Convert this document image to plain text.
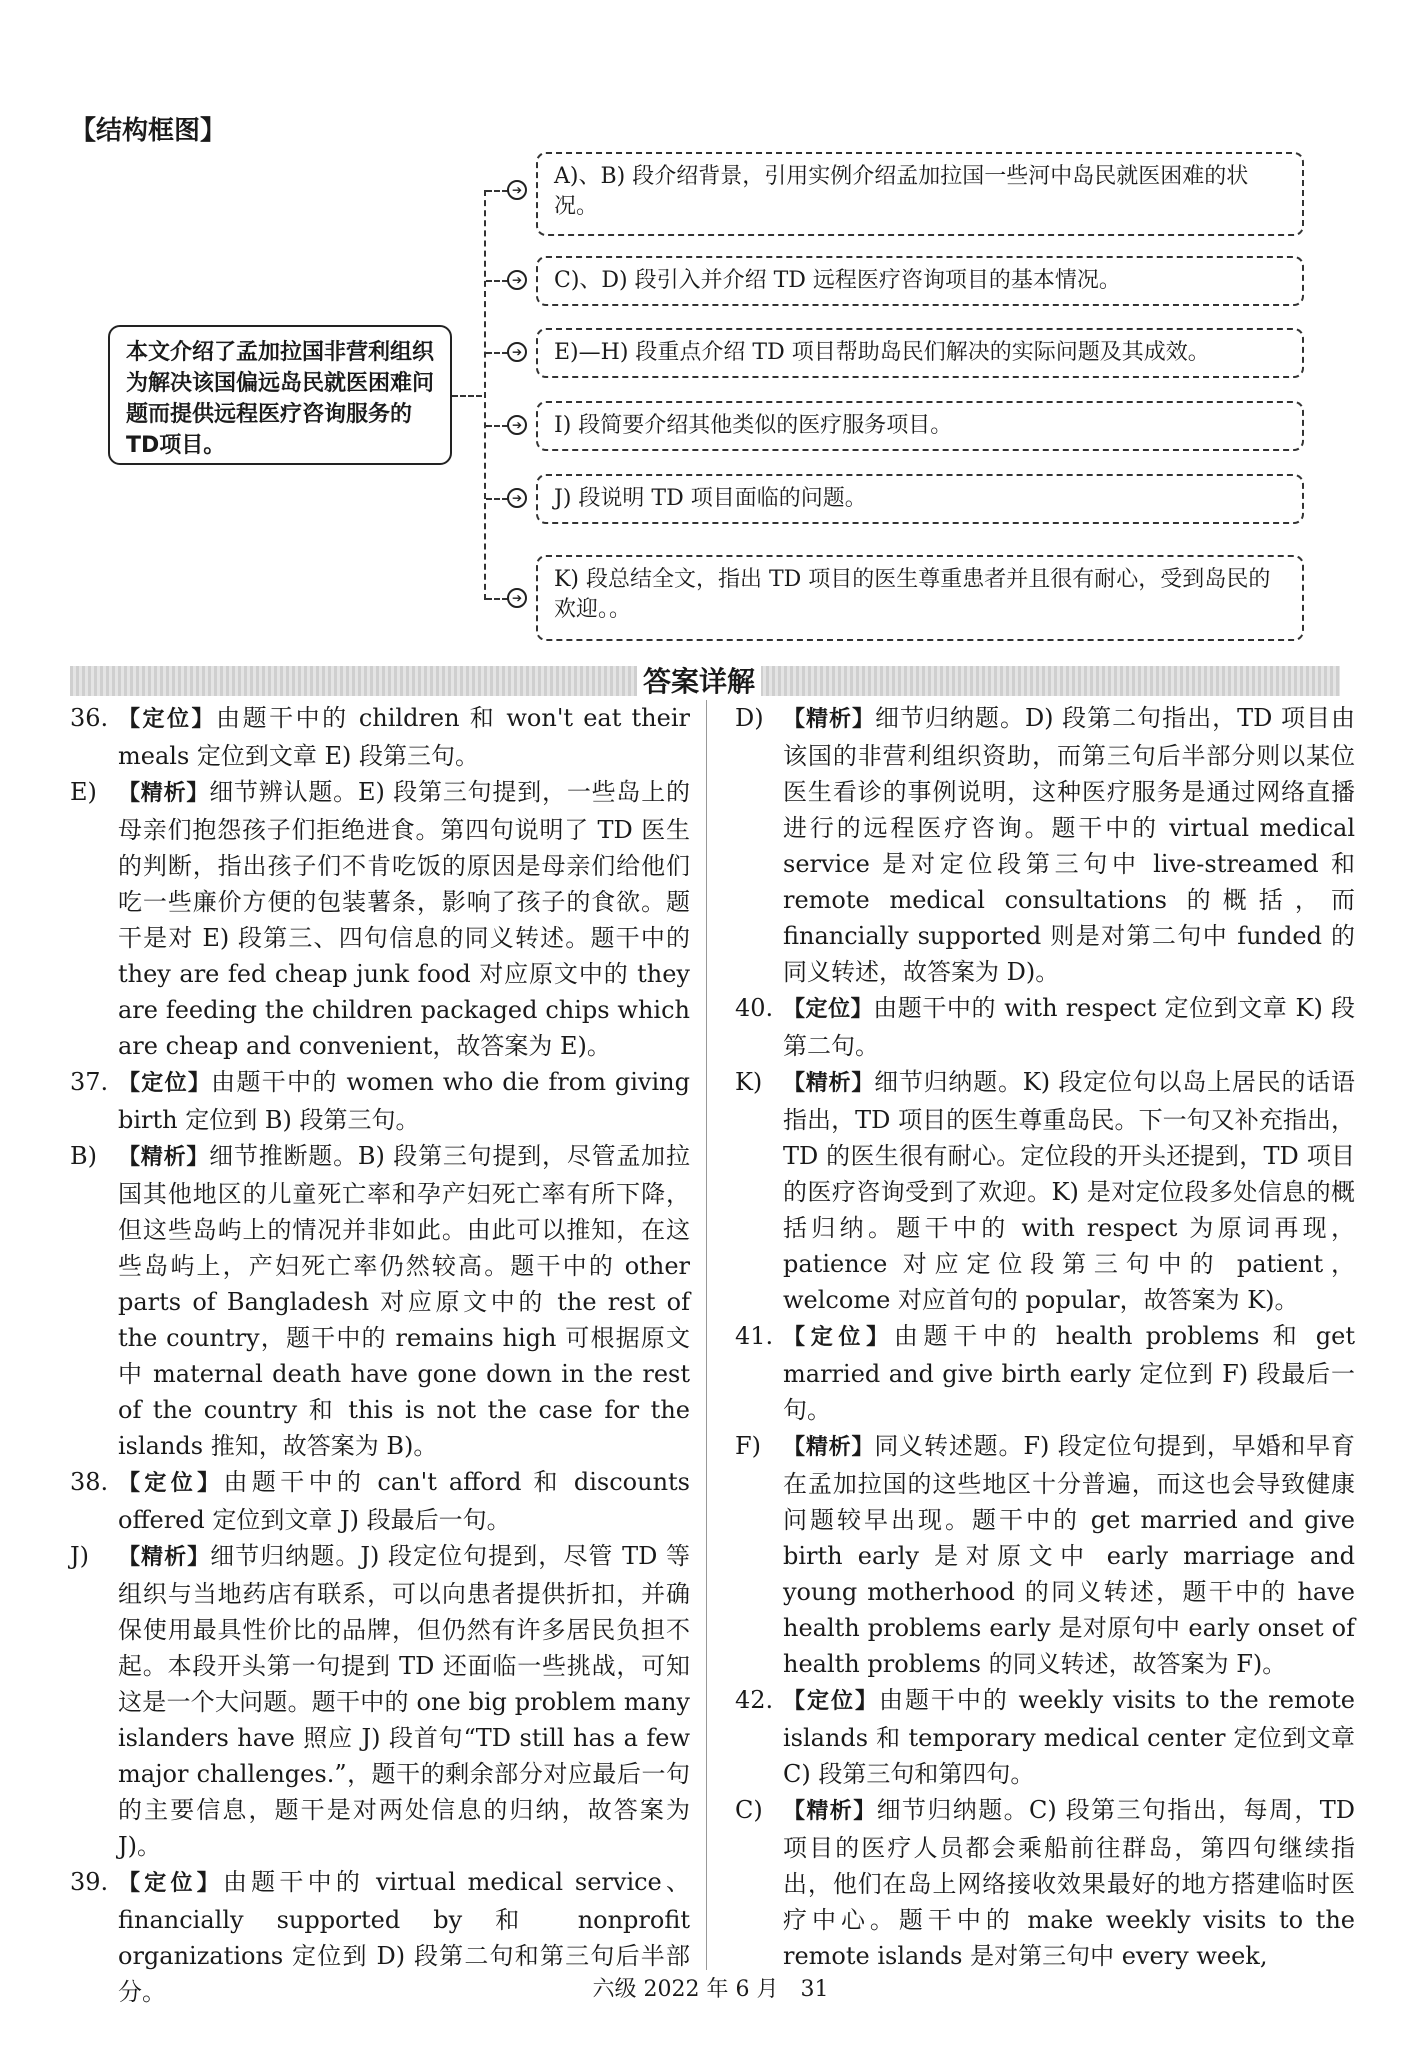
【结构框图】
本文介绍了孟加拉国非营利组织为解决该国偏远岛民就医困难问题而提供远程医疗咨询服务的TD项目。
➔
➔
➔
➔
➔
➔
A)、B) 段介绍背景，引用实例介绍孟加拉国一些河中岛民就医困难的状况。
C)、D) 段引入并介绍 TD 远程医疗咨询项目的基本情况。
E)—H) 段重点介绍 TD 项目帮助岛民们解决的实际问题及其成效。
I) 段简要介绍其他类似的医疗服务项目。
J) 段说明 TD 项目面临的问题。
K) 段总结全文，指出 TD 项目的医生尊重患者并且很有耐心，受到岛民的欢迎。。
答案详解
36. 【定位】由题干中的 children 和 won't eat their meals 定位到文章 E) 段第三句。
E) 【精析】细节辨认题。E) 段第三句提到，一些岛上的母亲们抱怨孩子们拒绝进食。第四句说明了 TD 医生的判断，指出孩子们不肯吃饭的原因是母亲们给他们吃一些廉价方便的包装薯条，影响了孩子的食欲。题干是对 E) 段第三、四句信息的同义转述。题干中的 they are fed cheap junk food 对应原文中的 they are feeding the children packaged chips which are cheap and convenient，故答案为 E)。
37. 【定位】由题干中的 women who die from giving birth 定位到 B) 段第三句。
B) 【精析】细节推断题。B) 段第三句提到，尽管孟加拉国其他地区的儿童死亡率和孕产妇死亡率有所下降，但这些岛屿上的情况并非如此。由此可以推知，在这些岛屿上，产妇死亡率仍然较高。题干中的 other parts of Bangladesh 对应原文中的 the rest of the country，题干中的 remains high 可根据原文中 maternal death have gone down in the rest of the country 和 this is not the case for the islands 推知，故答案为 B)。
38. 【定位】由题干中的 can't afford 和 discounts offered 定位到文章 J) 段最后一句。
J)	【精析】细节归纳题。J) 段定位句提到，尽管 TD 等组织与当地药店有联系，可以向患者提供折扣，并确保使用最具性价比的品牌，但仍然有许多居民负担不起。本段开头第一句提到 TD 还面临一些挑战，可知这是一个大问题。题干中的 one big problem many islanders have 照应 J) 段首句“TD still has a few major challenges.”，题干的剩余部分对应最后一句的主要信息，题干是对两处信息的归纳，故答案为 J)。
39. 【定位】由题干中的 virtual medical service、financially supported by 和 nonprofit organizations 定位到 D) 段第二句和第三句后半部分。
D) 【精析】细节归纳题。D) 段第二句指出，TD 项目由该国的非营利组织资助，而第三句后半部分则以某位医生看诊的事例说明，这种医疗服务是通过网络直播进行的远程医疗咨询。题干中的 virtual medical service 是对定位段第三句中 live-streamed 和 remote medical consultations 的概括，而 financially supported 则是对第二句中 funded 的同义转述，故答案为 D)。
40. 【定位】由题干中的 with respect 定位到文章 K) 段第二句。
K) 【精析】细节归纳题。K) 段定位句以岛上居民的话语指出，TD 项目的医生尊重岛民。下一句又补充指出，TD 的医生很有耐心。定位段的开头还提到，TD 项目的医疗咨询受到了欢迎。K) 是对定位段多处信息的概括归纳。题干中的 with respect 为原词再现，patience 对应定位段第三句中的 patient，welcome 对应首句的 popular，故答案为 K)。
41. 【定位】由题干中的 health problems 和 get married and give birth early 定位到 F) 段最后一句。
F) 【精析】同义转述题。F) 段定位句提到，早婚和早育在孟加拉国的这些地区十分普遍，而这也会导致健康问题较早出现。题干中的 get married and give birth early 是对原文中 early marriage and young motherhood 的同义转述，题干中的 have health problems early 是对原句中 early onset of health problems 的同义转述，故答案为 F)。
42. 【定位】由题干中的 weekly visits to the remote islands 和 temporary medical center 定位到文章 C) 段第三句和第四句。
C) 【精析】细节归纳题。C) 段第三句指出，每周，TD 项目的医疗人员都会乘船前往群岛，第四句继续指出，他们在岛上网络接收效果最好的地方搭建临时医疗中心。题干中的 make weekly visits to the remote islands 是对第三句中 every week,
六级 2022 年 6 月　31
